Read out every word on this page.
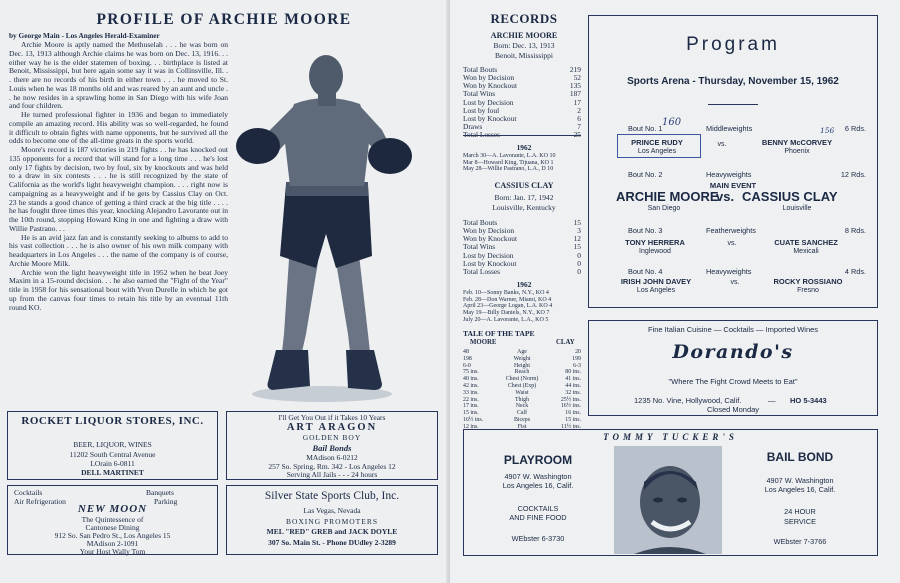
PROFILE OF ARCHIE MOORE
by George Main - Los Angeles Herald-Examiner

Archie Moore is aptly named the Methuselah . . . he was born on Dec. 13, 1913 although Archie claims he was born on Dec. 13, 1916. . . either way he is the elder statemen of boxing. . . birthplace is listed at Benoit, Mississippi, but here again some say it was in Collinsville, Ill. . . there are no records of his birth in either town . . . he moved to St. Louis when he was 18 months old and was reared by an aunt and uncle . . he now resides in a sprawling home in San Diego with his wife Joan and four children.

He turned professional fighter in 1936 and began to immediately compile an amazing record. His ability was so well-regarded, he found it difficult to obtain fights with name opponents, but he survived all the odds to become one of the all-time greats in the sports world.

Moore's record is 187 victories in 219 fights . . he has knocked out 135 opponents for a record that will stand for a long time . . . he's lost only 17 fights by decision, two by foul, six by knockouts and was held to a draw in six contests . . . he is still recognized by the state of California as the world's light heavyweight champion. . . . right now is campaigning as a heavyweight and if he gets by Cassius Clay on Oct. 23 he stands a good chance of getting a third crack at the big title . . . . he has fought three times this year, knocking Alejandro Lavorante out in the 10th round, stopping Howard King in one and fighting a draw with Willie Pastrano. . .

He is an avid jazz fan and is constantly seeking to albums to add to his vast collection . . . he is also owner of his own milk company with headquarters in Los Angeles . . . the name of the company is of course, Archie Moore Milk.

Archie won the light heavyweight title in 1952 when he beat Joey Maxim in a 15-round decision. . . he also earned the "Fight of the Year" title in 1958 for his sensational bout with Yvon Durelle in which he got up from the canvas four times to retain his title by an eventual 11th round KO.

ROCKET LIQUOR STORES, INC.
BEER, LIQUOR, WINES
11202 South Central Avenue
LOrain 6-0811
DELL MARTINET
Cocktails	Banquets
Air Refrigeration	Parking
NEW MOON
The Quintessence of
Cantonese Dining
912 So. San Pedro St., Los Angeles 15
MAdison 2-1091
Your Host Wally Tom
I'll Get You Out if it Takes 10 Years
ART ARAGON
GOLDEN BOY
Bail Bonds
MAdison 6-0212
257 So. Spring, Rm. 342 - Los Angeles 12
Serving All Jails - - - 24 hours
Silver State Sports Club, Inc.
Las Vegas, Nevada
BOXING PROMOTERS
MEL "RED" GREB and JACK DOYLE
307 So. Main St. - Phone DUdley 2-3289
RECORDS
ARCHIE MOORE
Born: Dec. 13, 1913
Benoit, Mississippi
Total Bouts	219
Won by Decision	52
Won by Knockout	135
Total Wins	187
Lost by Decision	17
Lost by foul	2
Lost by Knockout	6
Draws	7
Total Losses	25
1962
March 30—A. Lavorante, L.A. KO 10
Mar 8—Howard King, Tijuana, KO 1
May 28—Willie Pastrano, L.A., D 10
CASSIUS CLAY
Born: Jan. 17, 1942
Louisville, Kentucky
Total Bouts	15
Won by Decision	3
Won by Knockout	12
Total Wins	15
Lost by Decision	0
Lost by Knockout	0
Total Losses	0
1962
Feb. 10—Sonny Banks, N.Y., KO 4
Feb. 28—Don Warner, Miami, KO 4
April 23—George Logan, L.A. KO 4
May 19—Billy Daniels, N.Y., KO 7
July 20—A. Lavorante, L.A., KO 5
TALE OF THE TAPE
MOORE	CLAY
48	Age	20
198	Weight	199
6-0	Height	6-3
75 ins.	Reach	80 ins.
40 ins.	Chest (Norm)	41 ins.
42 ins.	Chest (Exp)	44 ins.
33 ins.	Waist	32 ins.
22 ins.	Thigh	25½ ins.
17 ins.	Neck	16½ ins.
15 ins.	Calf	16 ins.
16½ ins.	Biceps	15 ins.
12 ins.	Fist	11½ ins.
Program
Sports Arena - Thursday, November 15, 1962
Bout No. 1	Middleweights	6 Rds.
160
156
PRINCE RUDY
Los Angeles
vs.	BENNY McCORVEY
Phoenix
Bout No. 2	Heavyweights	12 Rds.
MAIN EVENT
ARCHIE MOORE
vs. CASSIUS CLAY
San Diego	Louisville
Bout No. 3	Featherweights	8 Rds.
TONY HERRERA
Inglewood
vs.	CUATE SANCHEZ
Mexicali
Bout No. 4	Heavyweights	4 Rds.
IRISH JOHN DAVEY
Los Angeles
vs.	ROCKY ROSSIANO
Fresno
Fine Italian Cuisine — Cocktails — Imported Wines
Dorando's
"Where The Fight Crowd Meets to Eat"
1235 No. Vine, Hollywood, Calif.	— HO 5-3443
Closed Monday
TOMMY TUCKER'S
PLAYROOM
4907 W. Washington
Los Angeles 16, Calif.
COCKTAILS
AND FINE FOOD
WEbster 6-3730
BAIL BOND
4907 W. Washington
Los Angeles 16, Calif.
24 HOUR
SERVICE
WEbster 7-3766
